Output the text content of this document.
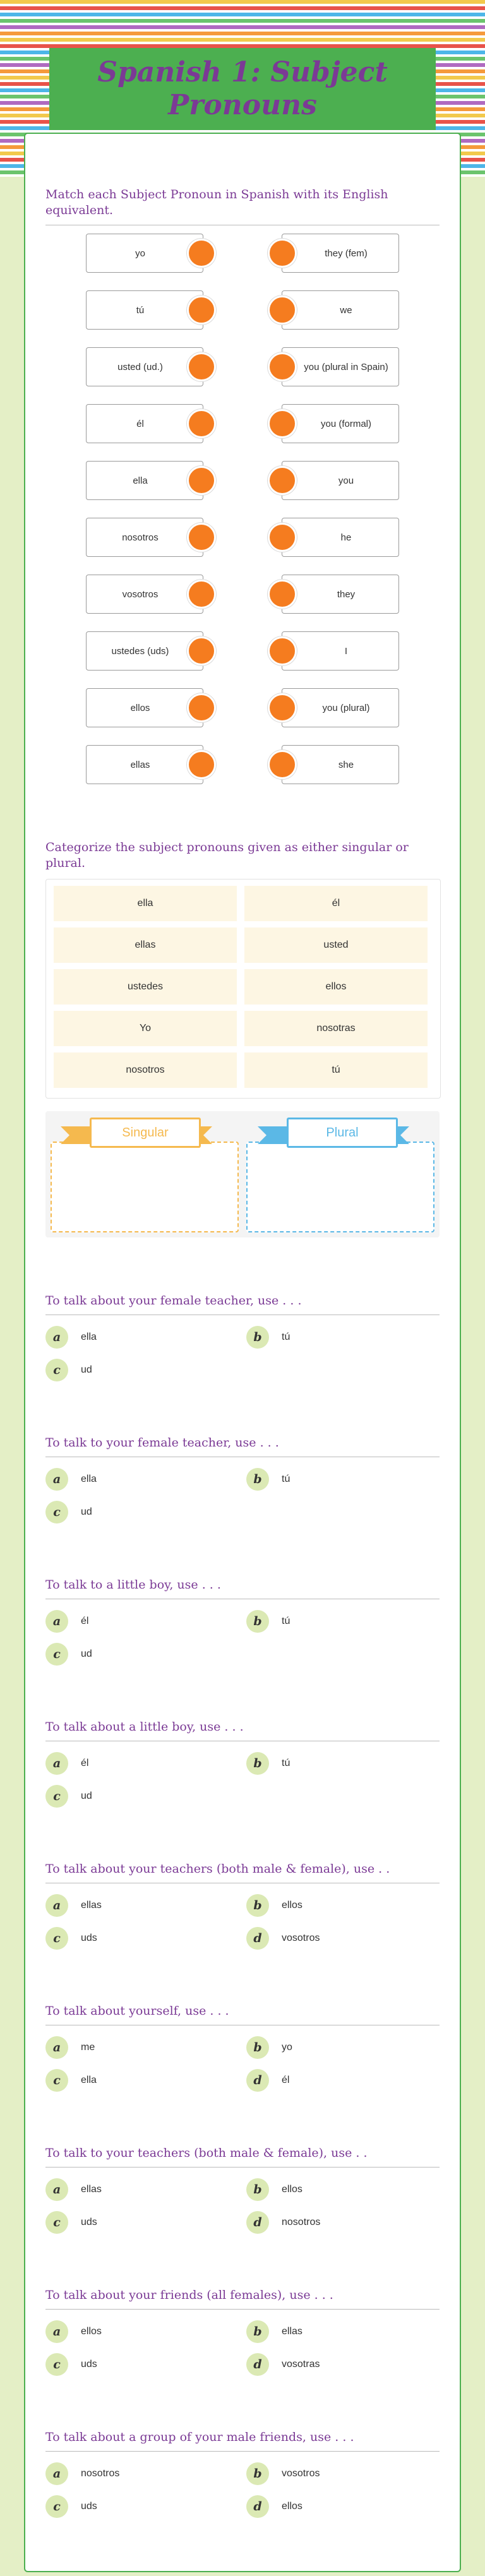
Spanish 1: Subject Pronouns
Match each Subject Pronoun in Spanish with its English equivalent.
yo	they (fem)
tú	we
usted (ud.)	you (plural in Spain)
él	you (formal)
ella	you
nosotros	he
vosotros	they
ustedes (uds)	I
ellos	you (plural)
ellas	she
Categorize the subject pronouns given as either singular or plural.
ella	él
ellas	usted
ustedes	ellos
Yo	nosotras
nosotros	tú
Singular	Plural
To talk about your female teacher, use . . .
a	ella	b	tú
c	ud
To talk to your female teacher, use . . .
a	ella	b	tú
c	ud
To talk to a little boy, use . . .
a	él	b	tú
c	ud
To talk about a little boy, use . . .
a	él	b	tú
c	ud
To talk about your teachers (both male & female), use . .
a	ellas	b	ellos
c	uds	d	vosotros
To talk about yourself, use . . .
a	me	b	yo
c	ella	d	él
To talk to your teachers (both male & female), use . .
a	ellas	b	ellos
c	uds	d	nosotros
To talk about your friends (all females), use . . .
a	ellos	b	ellas
c	uds	d	vosotras
To talk about a group of your male friends, use . . .
a	nosotros	b	vosotros
c	uds	d	ellos
